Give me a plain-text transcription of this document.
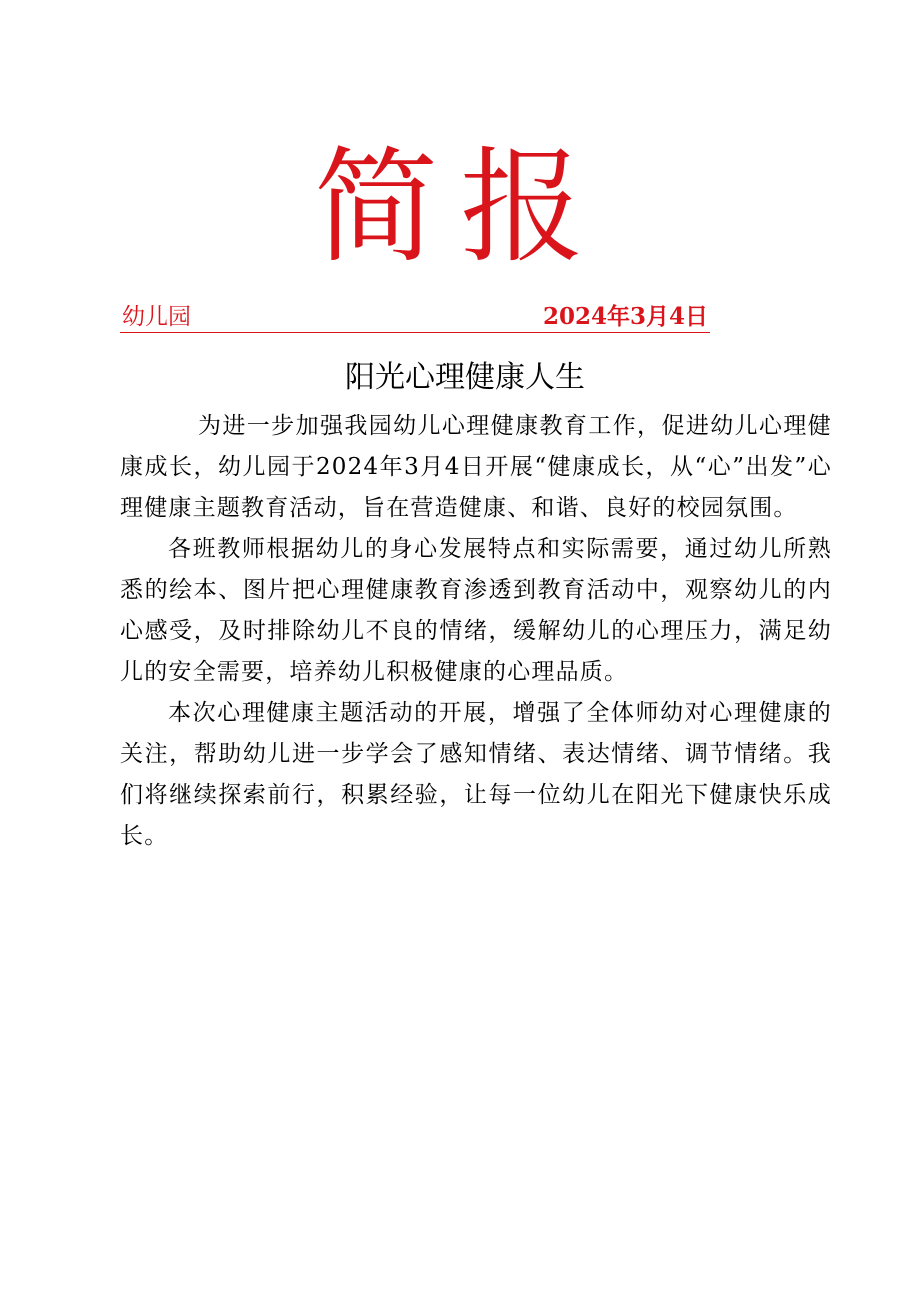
简报
幼儿园	2024年3月4日
阳光心理健康人生

为进一步加强我园幼儿心理健康教育工作，促进幼儿心理健康成长，幼儿园于2024年3月4日开展“健康成长，从“心”出发”心理健康主题教育活动，旨在营造健康、和谐、良好的校园氛围。

各班教师根据幼儿的身心发展特点和实际需要，通过幼儿所熟悉的绘本、图片把心理健康教育渗透到教育活动中，观察幼儿的内心感受，及时排除幼儿不良的情绪，缓解幼儿的心理压力，满足幼儿的安全需要，培养幼儿积极健康的心理品质。

本次心理健康主题活动的开展，增强了全体师幼对心理健康的关注，帮助幼儿进一步学会了感知情绪、表达情绪、调节情绪。我们将继续探索前行，积累经验，让每一位幼儿在阳光下健康快乐成长。
